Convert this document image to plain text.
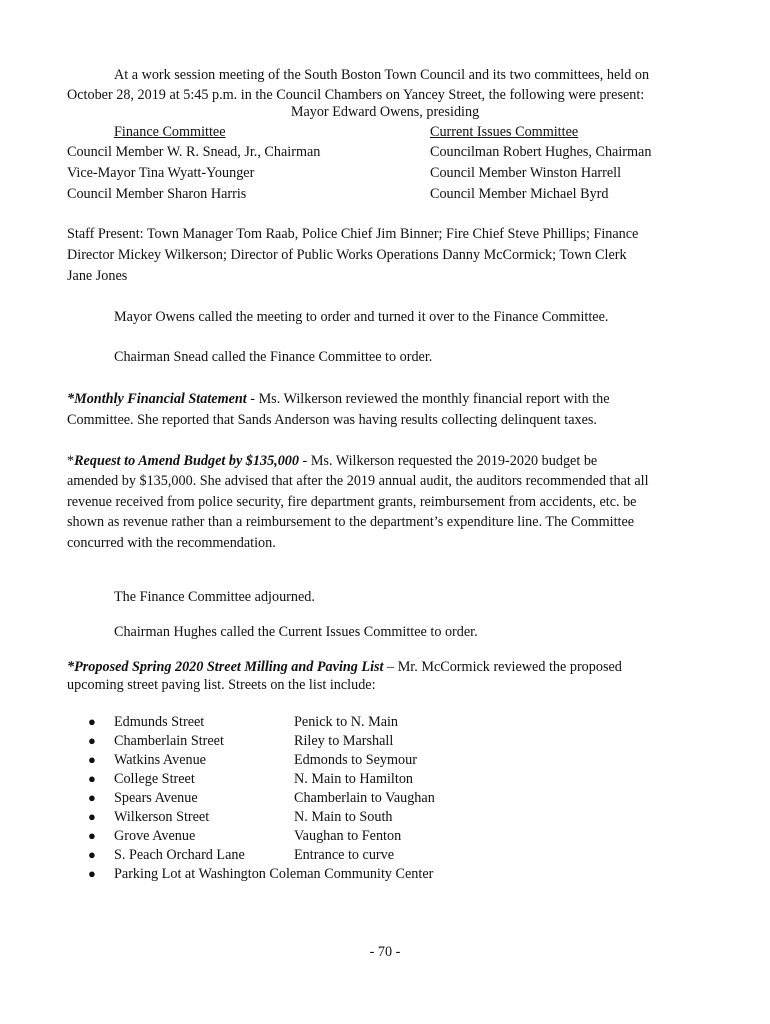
At a work session meeting of the South Boston Town Council and its two committees, held on
October 28, 2019 at 5:45 p.m. in the Council Chambers on Yancey Street, the following were present:
Mayor Edward Owens, presiding
Finance Committee	Current Issues Committee
Council Member W. R. Snead, Jr., Chairman	Councilman Robert Hughes, Chairman
Vice-Mayor Tina Wyatt-Younger	Council Member Winston Harrell
Council Member Sharon Harris	Council Member Michael Byrd
Staff Present: Town Manager Tom Raab, Police Chief Jim Binner; Fire Chief Steve Phillips; Finance
Director Mickey Wilkerson; Director of Public Works Operations Danny McCormick; Town Clerk
Jane Jones
Mayor Owens called the meeting to order and turned it over to the Finance Committee.
Chairman Snead called the Finance Committee to order.
*Monthly Financial Statement - Ms. Wilkerson reviewed the monthly financial report with the
Committee. She reported that Sands Anderson was having results collecting delinquent taxes.
*Request to Amend Budget by $135,000 - Ms. Wilkerson requested the 2019-2020 budget be
amended by $135,000. She advised that after the 2019 annual audit, the auditors recommended that all
revenue received from police security, fire department grants, reimbursement from accidents, etc. be
shown as revenue rather than a reimbursement to the department’s expenditure line. The Committee
concurred with the recommendation.
The Finance Committee adjourned.
Chairman Hughes called the Current Issues Committee to order.
*Proposed Spring 2020 Street Milling and Paving List – Mr. McCormick reviewed the proposed
upcoming street paving list. Streets on the list include:
● Edmunds Street	Penick to N. Main
● Chamberlain Street	Riley to Marshall
● Watkins Avenue	Edmonds to Seymour
● College Street	N. Main to Hamilton
● Spears Avenue	Chamberlain to Vaughan
● Wilkerson Street	N. Main to South
● Grove Avenue	Vaughan to Fenton
● S. Peach Orchard Lane	Entrance to curve
● Parking Lot at Washington Coleman Community Center
- 70 -
